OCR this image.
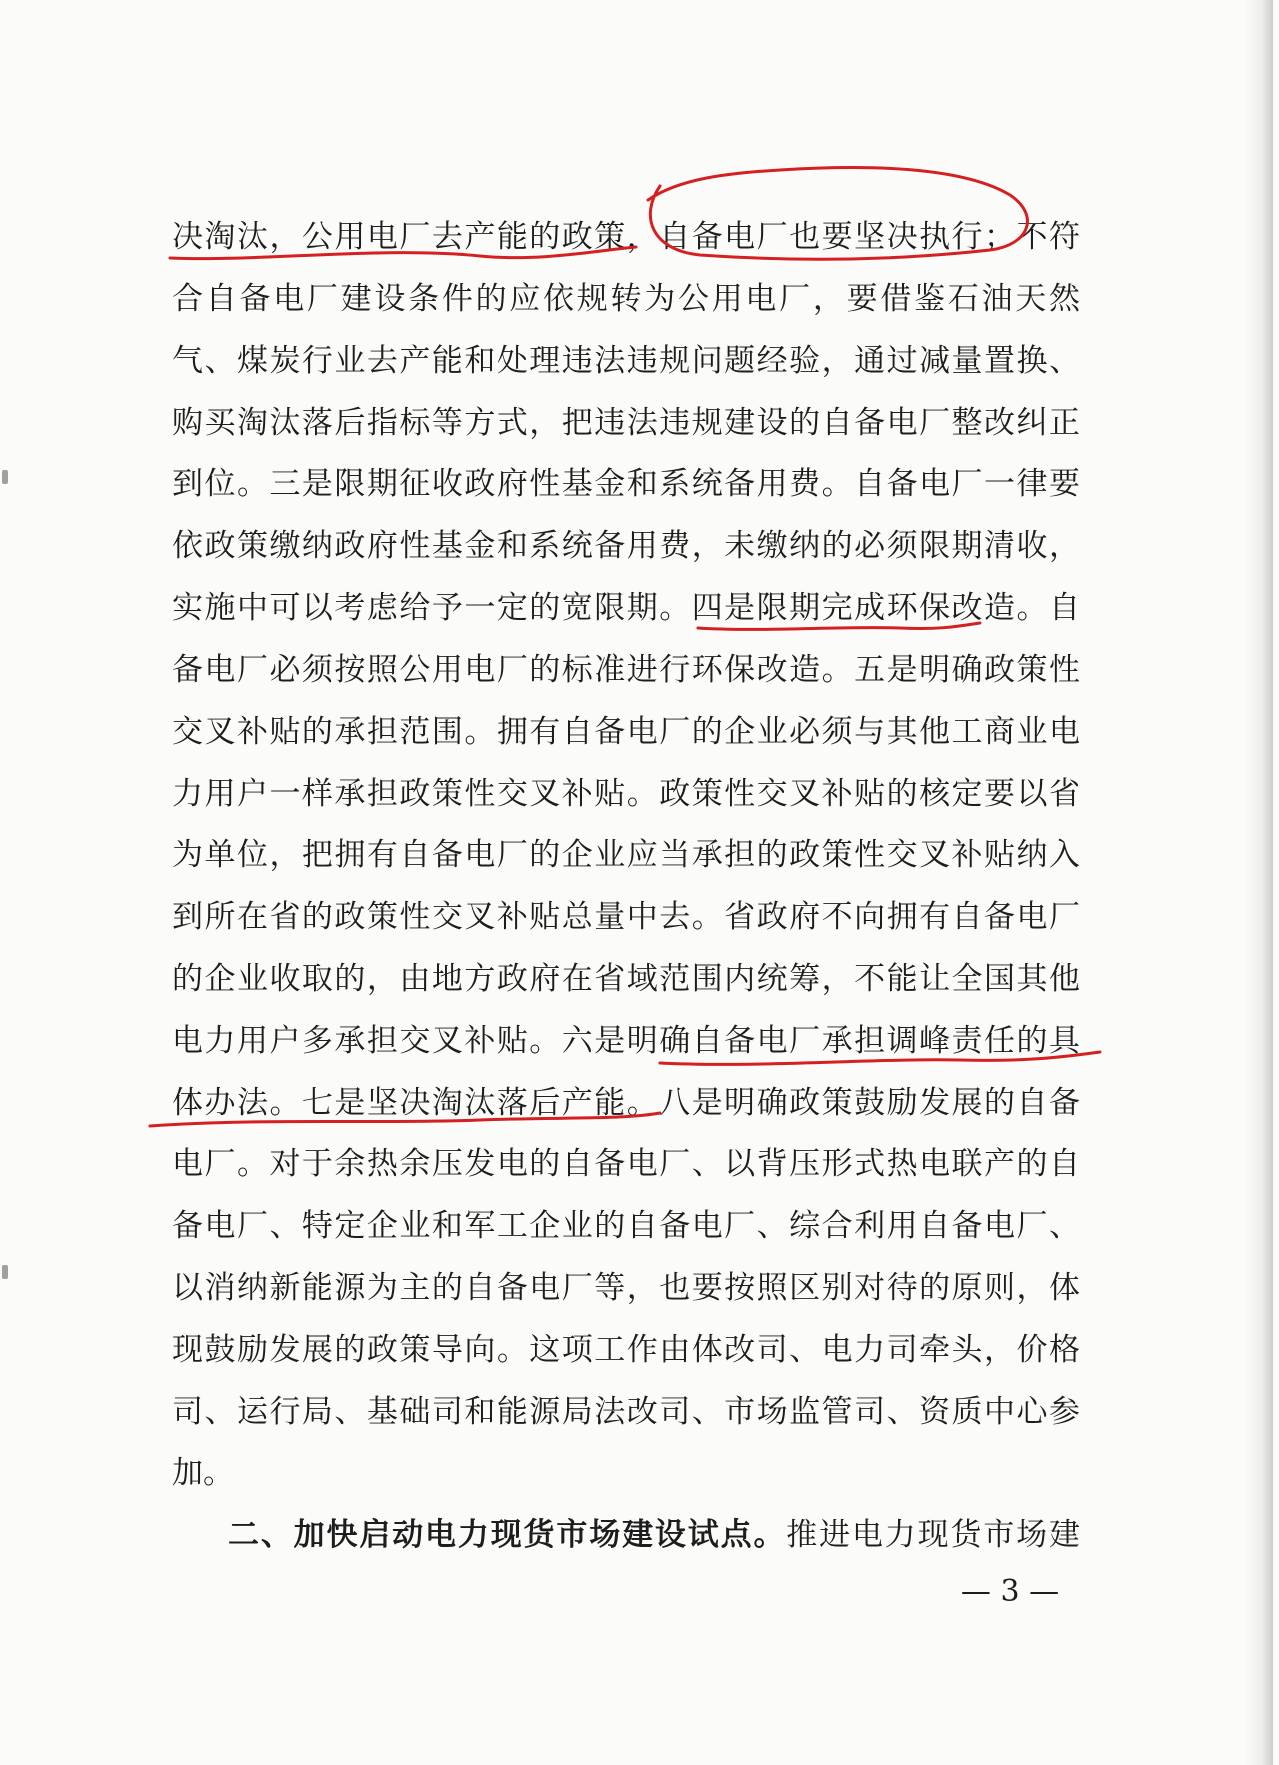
决淘汰，公用电厂去产能的政策，自备电厂也要坚决执行；不符
合自备电厂建设条件的应依规转为公用电厂，要借鉴石油天然
气、煤炭行业去产能和处理违法违规问题经验，通过减量置换、
购买淘汰落后指标等方式，把违法违规建设的自备电厂整改纠正
到位。三是限期征收政府性基金和系统备用费。自备电厂一律要
依政策缴纳政府性基金和系统备用费，未缴纳的必须限期清收，
实施中可以考虑给予一定的宽限期。四是限期完成环保改造。自
备电厂必须按照公用电厂的标准进行环保改造。五是明确政策性
交叉补贴的承担范围。拥有自备电厂的企业必须与其他工商业电
力用户一样承担政策性交叉补贴。政策性交叉补贴的核定要以省
为单位，把拥有自备电厂的企业应当承担的政策性交叉补贴纳入
到所在省的政策性交叉补贴总量中去。省政府不向拥有自备电厂
的企业收取的，由地方政府在省域范围内统筹，不能让全国其他
电力用户多承担交叉补贴。六是明确自备电厂承担调峰责任的具
体办法。七是坚决淘汰落后产能。八是明确政策鼓励发展的自备
电厂。对于余热余压发电的自备电厂、以背压形式热电联产的自
备电厂、特定企业和军工企业的自备电厂、综合利用自备电厂、
以消纳新能源为主的自备电厂等，也要按照区别对待的原则，体
现鼓励发展的政策导向。这项工作由体改司、电力司牵头，价格
司、运行局、基础司和能源局法改司、市场监管司、资质中心参
加。
二、加快启动电力现货市场建设试点。推进电力现货市场建
— 3 —
